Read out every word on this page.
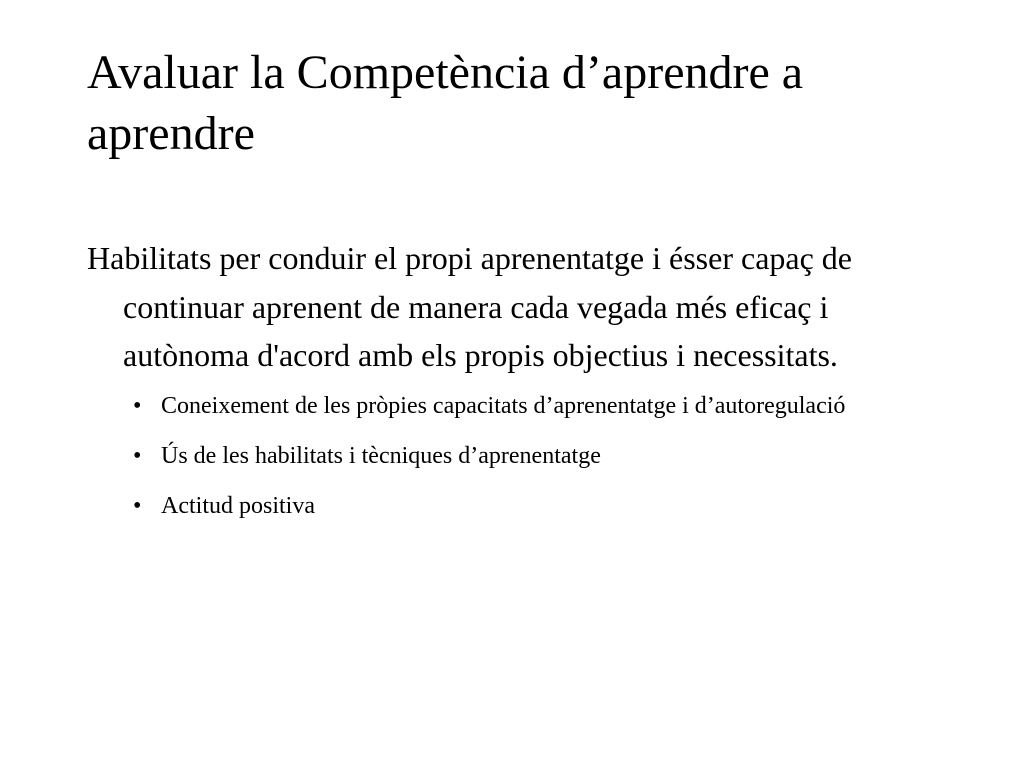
Avaluar la Competència d’aprendre a aprendre

Habilitats per conduir el propi aprenentatge i ésser capaç de continuar aprenent de manera cada vegada més eficaç i autònoma d'acord amb els propis objectius i necessitats.

• Coneixement de les pròpies capacitats d’aprenentatge i d’autoregulació
• Ús de les habilitats i tècniques d’aprenentatge
• Actitud positiva
